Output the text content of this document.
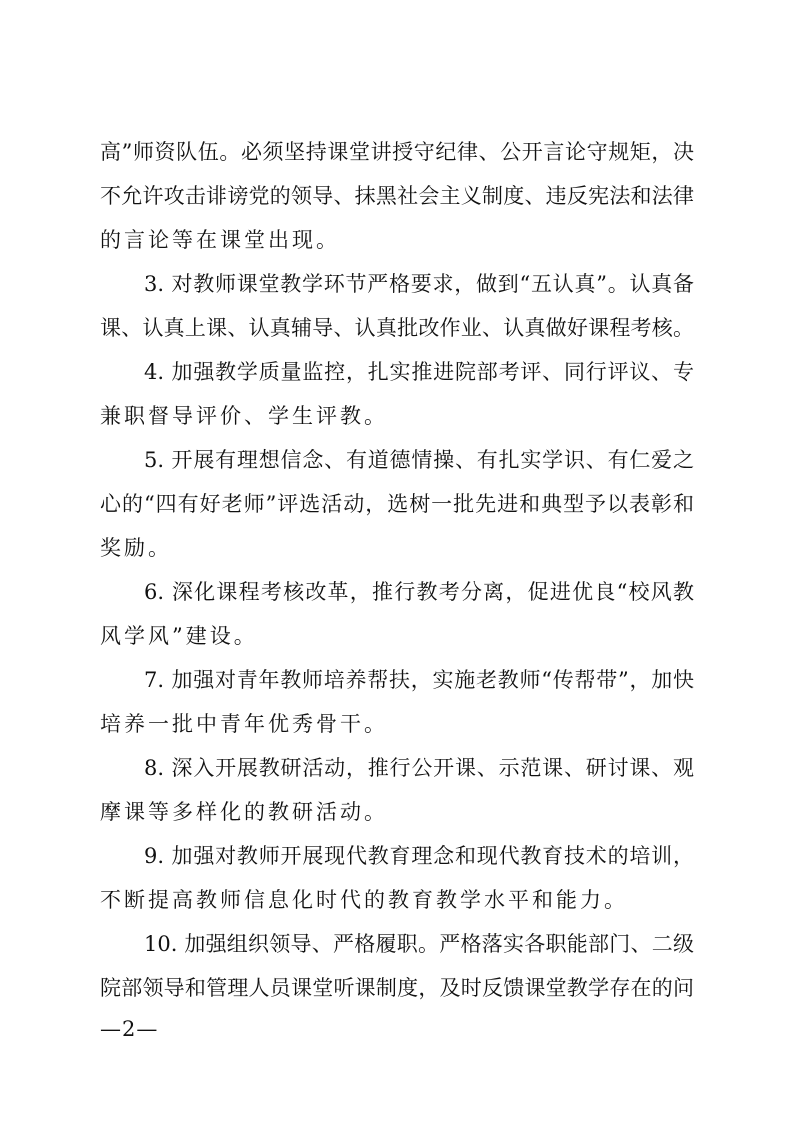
高”师资队伍。必须坚持课堂讲授守纪律、公开言论守规矩，决
不允许攻击诽谤党的领导、抹黑社会主义制度、违反宪法和法律
的言论等在课堂出现。
3. 对教师课堂教学环节严格要求，做到“五认真”。认真备
课、认真上课、认真辅导、认真批改作业、认真做好课程考核。
4. 加强教学质量监控，扎实推进院部考评、同行评议、专
兼职督导评价、学生评教。
5. 开展有理想信念、有道德情操、有扎实学识、有仁爱之
心的“四有好老师”评选活动，选树一批先进和典型予以表彰和
奖励。
6. 深化课程考核改革，推行教考分离，促进优良“校风教
风学风”建设。
7. 加强对青年教师培养帮扶，实施老教师“传帮带”，加快
培养一批中青年优秀骨干。
8. 深入开展教研活动，推行公开课、示范课、研讨课、观
摩课等多样化的教研活动。
9. 加强对教师开展现代教育理念和现代教育技术的培训，
不断提高教师信息化时代的教育教学水平和能力。
10. 加强组织领导、严格履职。严格落实各职能部门、二级
院部领导和管理人员课堂听课制度，及时反馈课堂教学存在的问
—2—
